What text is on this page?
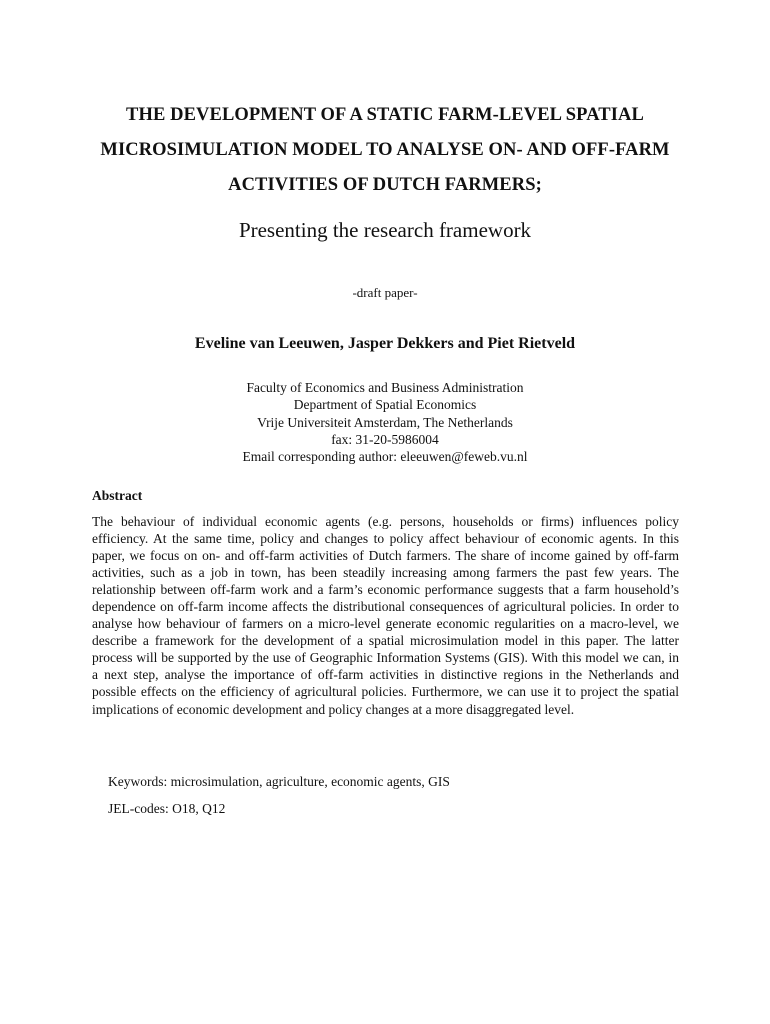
THE DEVELOPMENT OF A STATIC FARM-LEVEL SPATIAL MICROSIMULATION MODEL TO ANALYSE ON- AND OFF-FARM ACTIVITIES OF DUTCH FARMERS;
Presenting the research framework
-draft paper-
Eveline van Leeuwen, Jasper Dekkers and Piet Rietveld
Faculty of Economics and Business Administration
Department of Spatial Economics
Vrije Universiteit Amsterdam, The Netherlands
fax: 31-20-5986004
Email corresponding author: eleeuwen@feweb.vu.nl
Abstract
The behaviour of individual economic agents (e.g. persons, households or firms) influences policy efficiency. At the same time, policy and changes to policy affect behaviour of economic agents. In this paper, we focus on on- and off-farm activities of Dutch farmers. The share of income gained by off-farm activities, such as a job in town, has been steadily increasing among farmers the past few years. The relationship between off-farm work and a farm’s economic performance suggests that a farm household’s dependence on off-farm income affects the distributional consequences of agricultural policies. In order to analyse how behaviour of farmers on a micro-level generate economic regularities on a macro-level, we describe a framework for the development of a spatial microsimulation model in this paper. The latter process will be supported by the use of Geographic Information Systems (GIS). With this model we can, in a next step, analyse the importance of off-farm activities in distinctive regions in the Netherlands and possible effects on the efficiency of agricultural policies. Furthermore, we can use it to project the spatial implications of economic development and policy changes at a more disaggregated level.
Keywords: microsimulation, agriculture, economic agents, GIS
JEL-codes: O18, Q12
